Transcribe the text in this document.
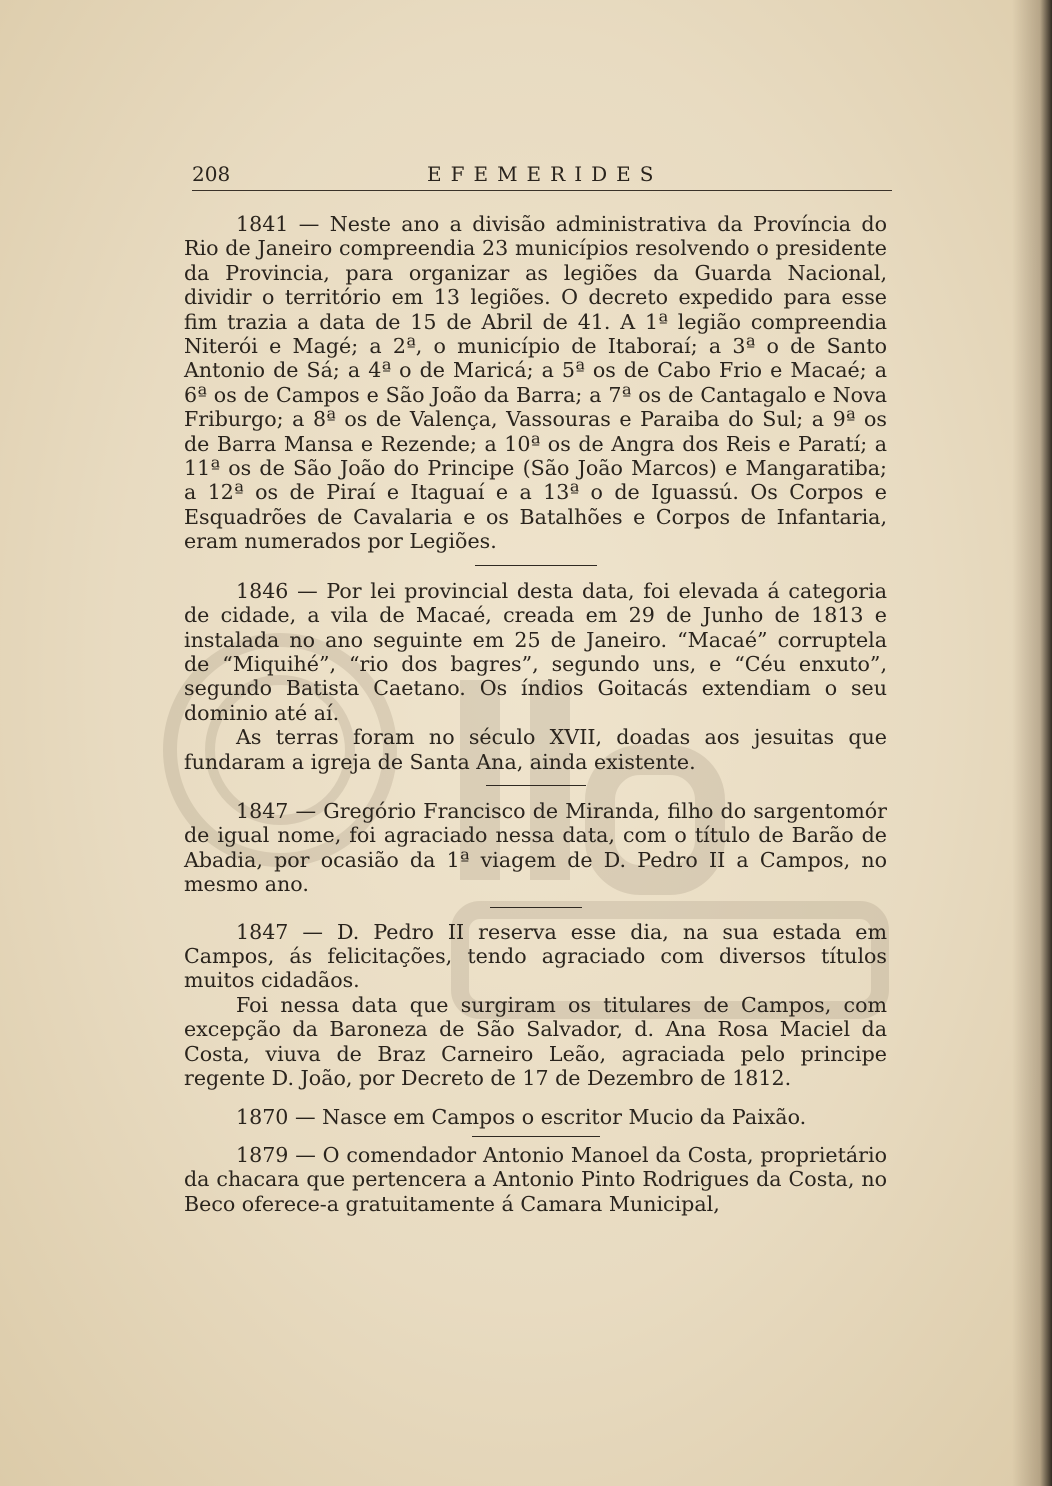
208	EFEMERIDES

1841 — Neste ano a divisão administrativa da Província do Rio de Janeiro compreendia 23 municípios resolvendo o presidente da Provincia, para organizar as legiões da Guarda Nacional, dividir o território em 13 legiões. O decreto expedido para esse fim trazia a data de 15 de Abril de 41. A 1ª legião compreendia Niterói e Magé; a 2ª, o município de Itaboraí; a 3ª o de Santo Antonio de Sá; a 4ª o de Maricá; a 5ª os de Cabo Frio e Macaé; a 6ª os de Campos e São João da Barra; a 7ª os de Cantagalo e Nova Friburgo; a 8ª os de Valença, Vassouras e Paraiba do Sul; a 9ª os de Barra Mansa e Rezende; a 10ª os de Angra dos Reis e Paratí; a 11ª os de São João do Principe (São João Marcos) e Mangaratiba; a 12ª os de Piraí e Itaguaí e a 13ª o de Iguassú. Os Corpos e Esquadrões de Cavalaria e os Batalhões e Corpos de Infantaria, eram numerados por Legiões.

1846 — Por lei provincial desta data, foi elevada á categoria de cidade, a vila de Macaé, creada em 29 de Junho de 1813 e instalada no ano seguinte em 25 de Janeiro. “Macaé” corruptela de “Miquihé”, “rio dos bagres”, segundo uns, e “Céu enxuto”, segundo Batista Caetano. Os índios Goitacás extendiam o seu dominio até aí.

As terras foram no século XVII, doadas aos jesuitas que fundaram a igreja de Santa Ana, ainda existente.

1847 — Gregório Francisco de Miranda, filho do sargentomór de igual nome, foi agraciado nessa data, com o título de Barão de Abadia, por ocasião da 1ª viagem de D. Pedro II a Campos, no mesmo ano.

1847 — D. Pedro II reserva esse dia, na sua estada em Campos, ás felicitações, tendo agraciado com diversos títulos muitos cidadãos.

Foi nessa data que surgiram os titulares de Campos, com excepção da Baroneza de São Salvador, d. Ana Rosa Maciel da Costa, viuva de Braz Carneiro Leão, agraciada pelo principe regente D. João, por Decreto de 17 de Dezembro de 1812.

1870 — Nasce em Campos o escritor Mucio da Paixão.

1879 — O comendador Antonio Manoel da Costa, proprietário da chacara que pertencera a Antonio Pinto Rodrigues da Costa, no Beco oferece-a gratuitamente á Camara Municipal,
